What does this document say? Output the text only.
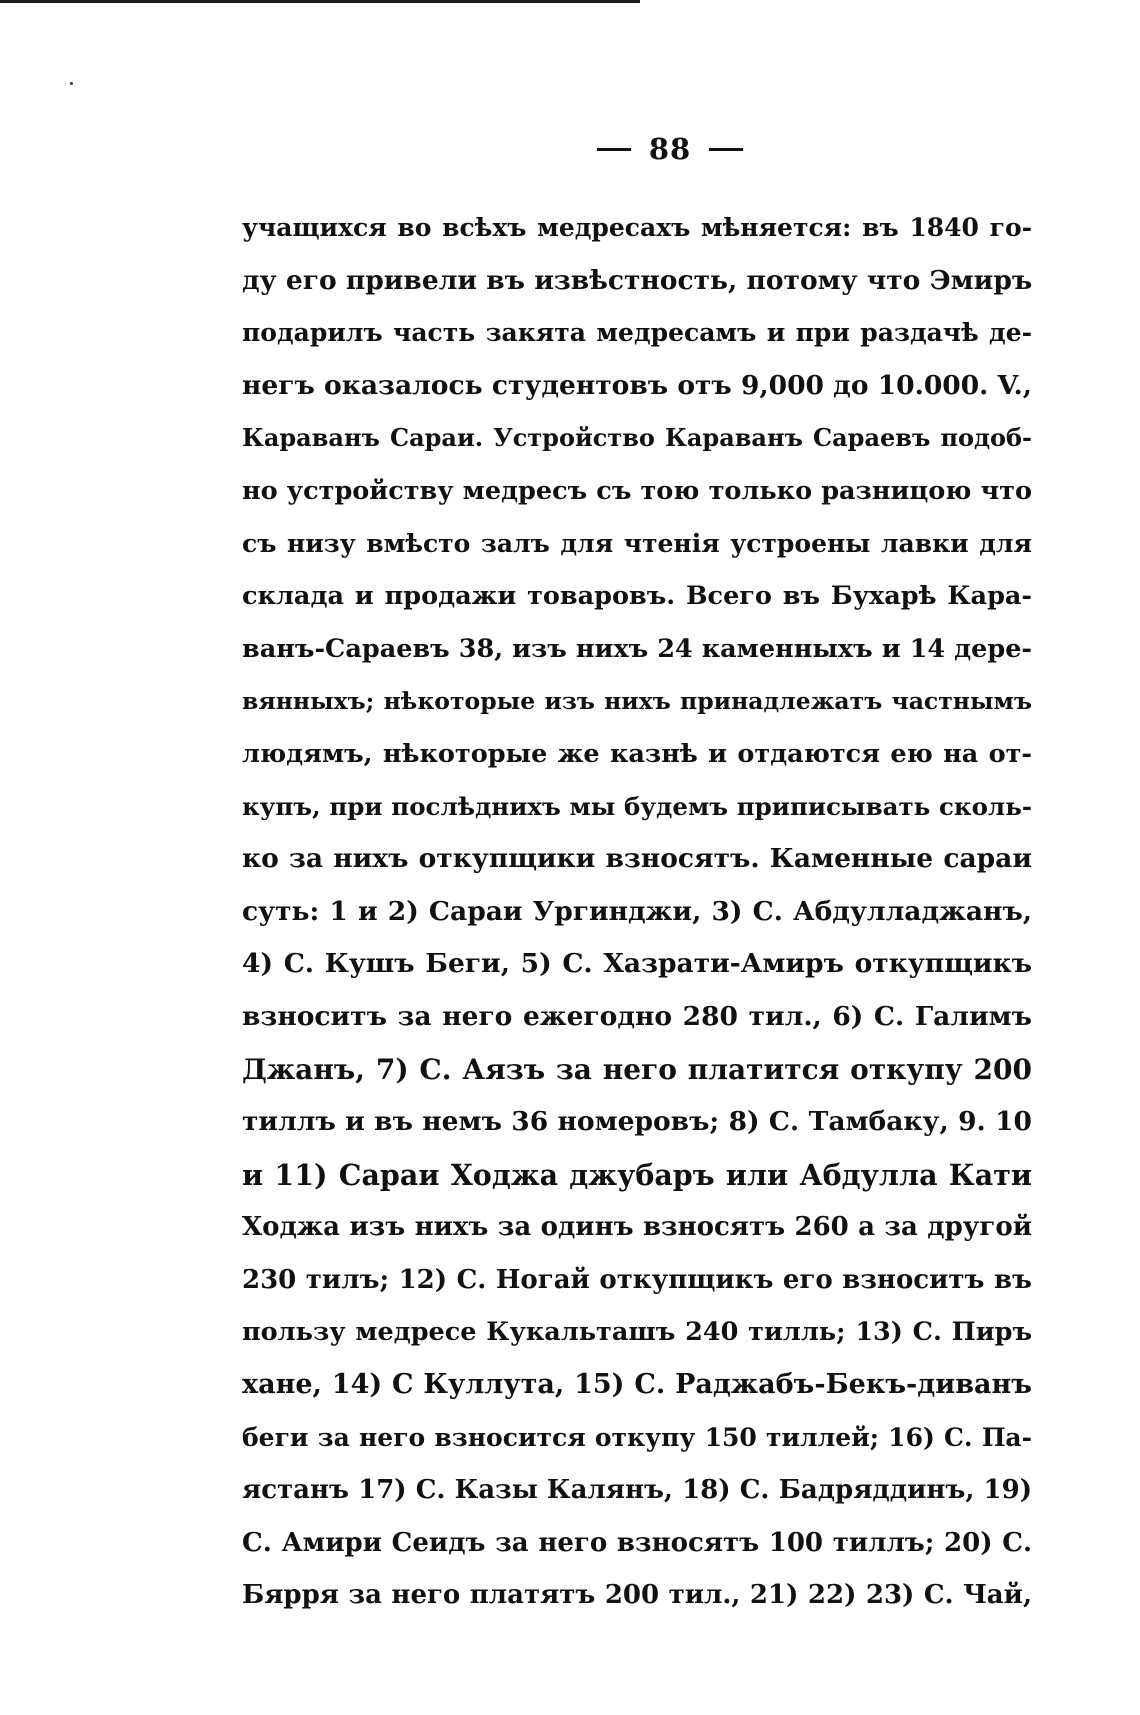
88
учащихся во всѣхъ медресахъ мѣняется: въ 1840 го-
ду его привели въ извѣстность, потому что Эмиръ
подарилъ часть закята медресамъ и при раздачѣ де-
негъ оказалось студентовъ отъ 9,000 до 10.000. V.,
Караванъ Сараи. Устройство Караванъ Сараевъ подоб-
но устройству медресъ съ тою только разницою что
съ низу вмѣсто залъ для чтенія устроены лавки для
склада и продажи товаровъ. Всего въ Бухарѣ Кара-
ванъ-Сараевъ 38, изъ нихъ 24 каменныхъ и 14 дере-
вянныхъ; нѣкоторые изъ нихъ принадлежатъ частнымъ
людямъ, нѣкоторые же казнѣ и отдаются ею на от-
купъ, при послѣднихъ мы будемъ приписывать сколь-
ко за нихъ откупщики взносятъ. Каменные сараи
суть: 1 и 2) Сараи Ургинджи, 3) С. Абдулладжанъ,
4) С. Кушъ Беги, 5) С. Хазрати-Амиръ откупщикъ
взноситъ за него ежегодно 280 тил., 6) С. Галимъ
Джанъ, 7) С. Аязъ за него платится откупу 200
тиллъ и въ немъ 36 номеровъ; 8) С. Тамбаку, 9. 10
и 11) Сараи Ходжа джубаръ или Абдулла Кати
Ходжа изъ нихъ за одинъ взносятъ 260 а за другой
230 тилъ; 12) С. Ногай откупщикъ его взноситъ въ
пользу медресе Кукальташъ 240 тилль; 13) С. Пиръ
хане, 14) С Куллута, 15) С. Раджабъ-Бекъ-диванъ
беги за него взносится откупу 150 тиллей; 16) С. Па-
ястанъ 17) С. Казы Калянъ, 18) С. Бадряддинъ, 19)
С. Амири Сеидъ за него взносятъ 100 тиллъ; 20) С.
Бярря за него платятъ 200 тил., 21) 22) 23) С. Чай,
